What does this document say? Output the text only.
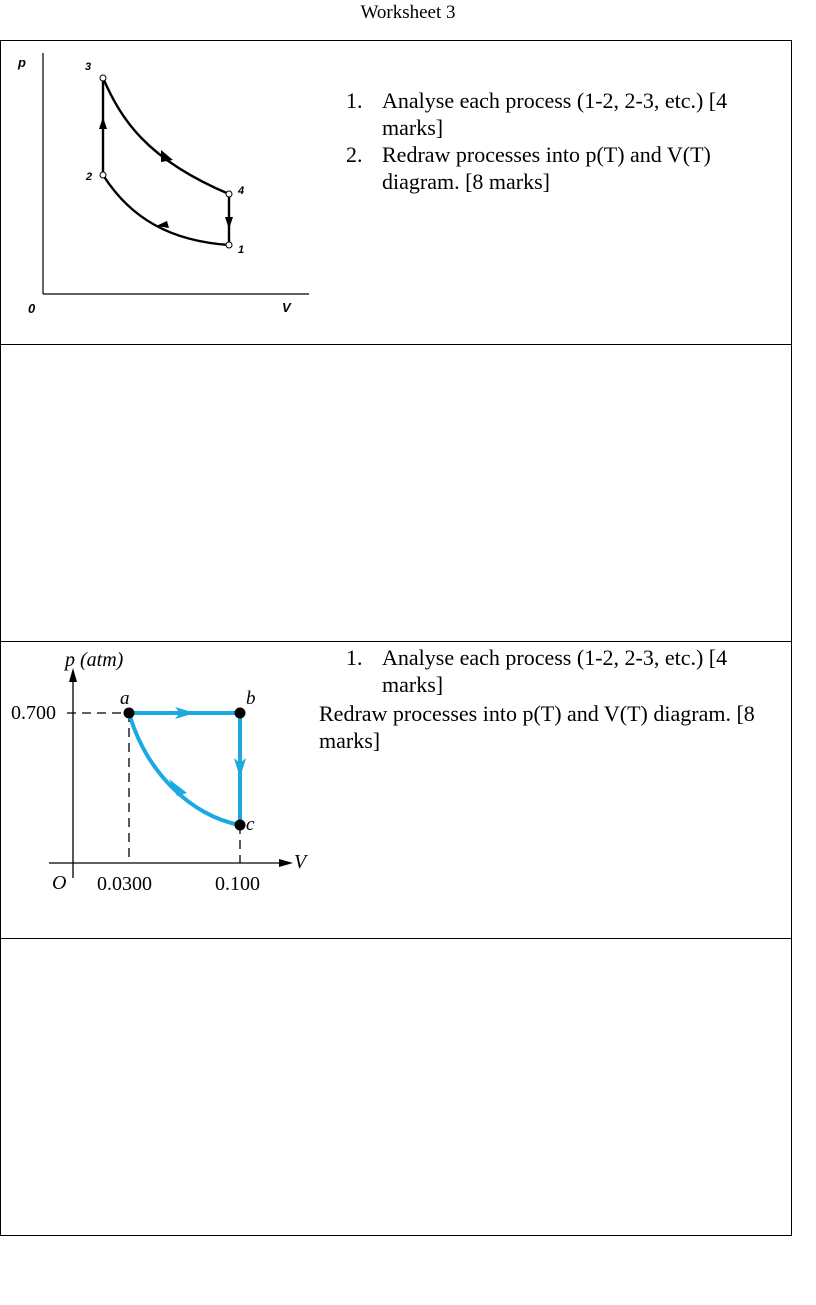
Worksheet 3
p
V
0
3
2
4
1
1. Analyse each process (1-2, 2-3, etc.) [4 marks]
2. Redraw processes into p(T) and V(T) diagram. [8 marks]
p (atm)
V
O
0.700
0.0300	0.100
a	b
c
1. Analyse each process (1-2, 2-3, etc.) [4 marks]
Redraw processes into p(T) and V(T) diagram. [8 marks]
